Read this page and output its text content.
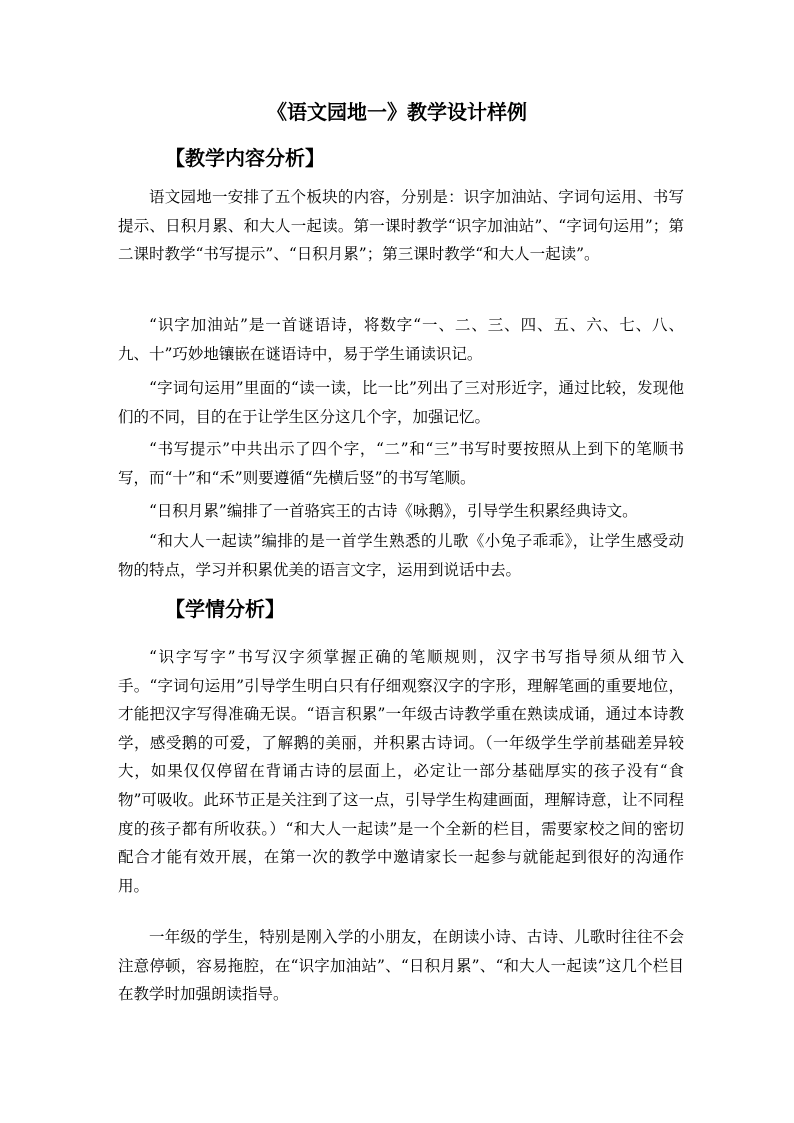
《语文园地一》教学设计样例
【教学内容分析】

语文园地一安排了五个板块的内容，分别是：识字加油站、字词句运用、书写提示、日积月累、和大人一起读。第一课时教学“识字加油站”、“字词句运用”；第二课时教学“书写提示”、“日积月累”；第三课时教学“和大人一起读”。

“识字加油站”是一首谜语诗，将数字“一、二、三、四、五、六、七、八、九、十”巧妙地镶嵌在谜语诗中，易于学生诵读识记。

“字词句运用”里面的“读一读，比一比”列出了三对形近字，通过比较，发现他们的不同，目的在于让学生区分这几个字，加强记忆。

“书写提示”中共出示了四个字，“二”和“三”书写时要按照从上到下的笔顺书写，而“十”和“禾”则要遵循“先横后竖”的书写笔顺。

“日积月累”编排了一首骆宾王的古诗《咏鹅》，引导学生积累经典诗文。

“和大人一起读”编排的是一首学生熟悉的儿歌《小兔子乖乖》，让学生感受动物的特点，学习并积累优美的语言文字，运用到说话中去。

【学情分析】

“识字写字”书写汉字须掌握正确的笔顺规则，汉字书写指导须从细节入手。“字词句运用”引导学生明白只有仔细观察汉字的字形，理解笔画的重要地位，才能把汉字写得准确无误。“语言积累”一年级古诗教学重在熟读成诵，通过本诗教学，感受鹅的可爱，了解鹅的美丽，并积累古诗词。（一年级学生学前基础差异较大，如果仅仅停留在背诵古诗的层面上，必定让一部分基础厚实的孩子没有“食物”可吸收。此环节正是关注到了这一点，引导学生构建画面，理解诗意，让不同程度的孩子都有所收获。）“和大人一起读”是一个全新的栏目，需要家校之间的密切配合才能有效开展，在第一次的教学中邀请家长一起参与就能起到很好的沟通作用。

一年级的学生，特别是刚入学的小朋友，在朗读小诗、古诗、儿歌时往往不会注意停顿，容易拖腔，在“识字加油站”、“日积月累”、“和大人一起读”这几个栏目在教学时加强朗读指导。
